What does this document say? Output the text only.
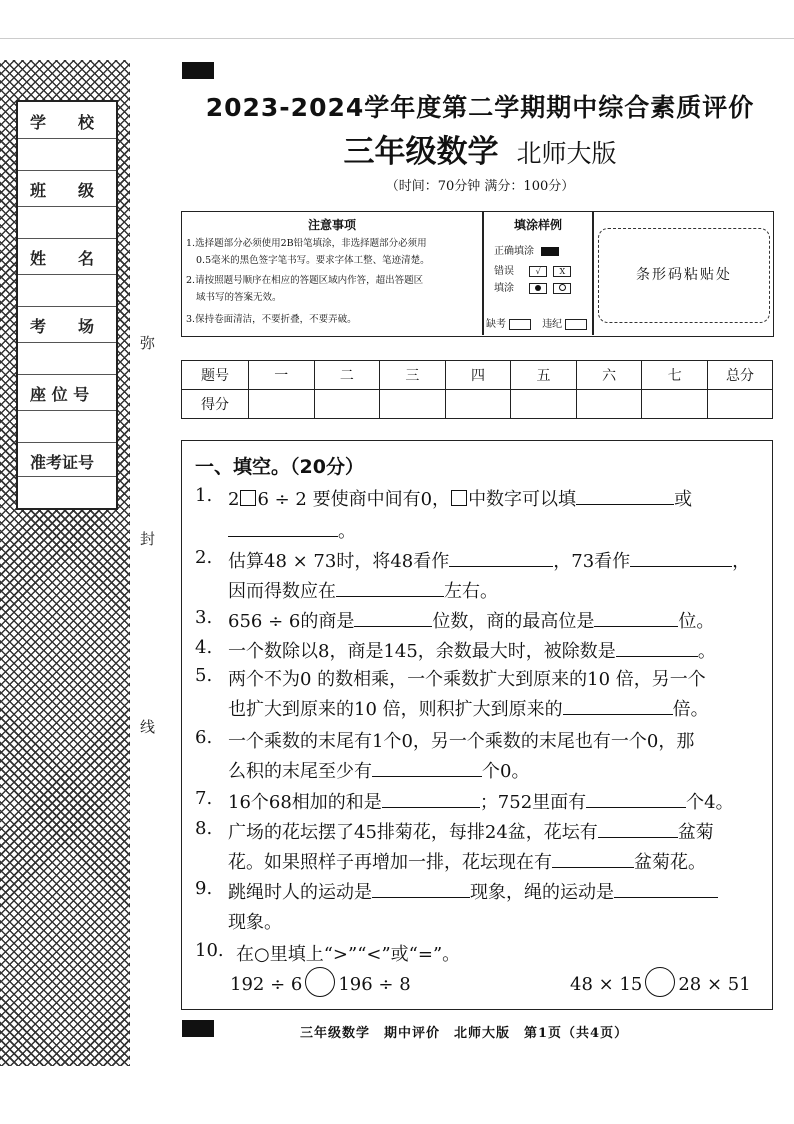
学　　校
班　　级
姓　　名
考　　场
座 位 号
准考证号
弥
封
线
2023-2024学年度第二学期期中综合素质评价
三年级数学 北师大版
（时间：70分钟 满分：100分）
注意事项
1.选择题部分必须使用2B铅笔填涂，非选择题部分必须用
0.5毫米的黑色签字笔书写。要求字体工整、笔迹清楚。
2.请按照题号顺序在相应的答题区域内作答，超出答题区
域书写的答案无效。
3.保持卷面清洁，不要折叠，不要弄破。
填涂样例
正确填涂
错误	√ X
填涂
缺考	违纪
条形码粘贴处
题号	一	二	三	四	五	六	七	总分
得分								
一、填空。（20分）
1. 2 6 ÷ 2 要使商中间有0， 中数字可以填	或
。
2. 估算48 × 73时，将48看作	，73看作	，
因而得数应在	左右。
3. 656 ÷ 6的商是	位数，商的最高位是	位。
4. 一个数除以8，商是145，余数最大时，被除数是	。
5. 两个不为0 的数相乘，一个乘数扩大到原来的10 倍，另一个
也扩大到原来的10 倍，则积扩大到原来的	倍。
6. 一个乘数的末尾有1个0，另一个乘数的末尾也有一个0，那
么积的末尾至少有	个0。
7. 16个68相加的和是	；752里面有	个4。
8. 广场的花坛摆了45排菊花，每排24盆，花坛有	盆菊
花。如果照样子再增加一排，花坛现在有	盆菊花。
9. 跳绳时人的运动是	现象，绳的运动是
现象。
10. 在○里填上“>”“<”或“=”。
192 ÷ 6 196 ÷ 8	48 × 15 28 × 51
三年级数学　期中评价　北师大版　第1页（共4页）
